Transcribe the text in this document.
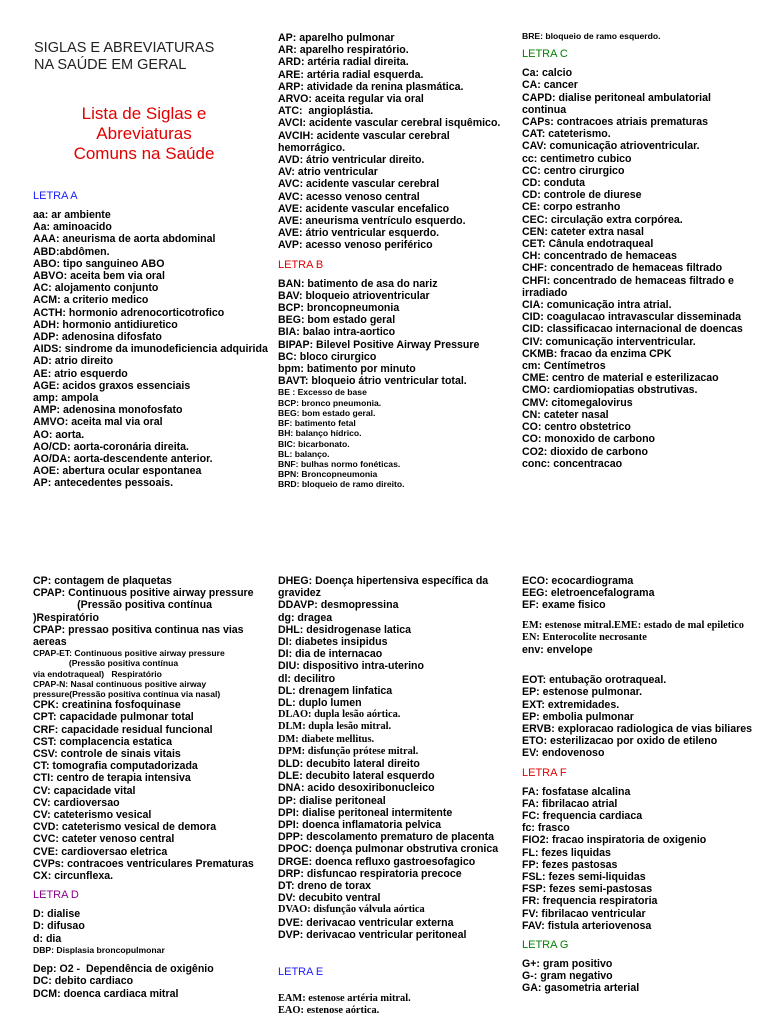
SIGLAS E ABREVIATURAS
NA SAÚDE EM GERAL
Lista de Siglas e
Abreviaturas
Comuns na Saúde
LETRA A
aa: ar ambiente
Aa: aminoacido
AAA: aneurisma de aorta abdominal
ABD:abdômen.
ABO: tipo sanguineo ABO
ABVO: aceita bem via oral
AC: alojamento conjunto
ACM: a criterio medico
ACTH: hormonio adrenocorticotrofico
ADH: hormonio antidiuretico
ADP: adenosina difosfato
AIDS: sindrome da imunodeficiencia adquirida
AD: atrio direito
AE: atrio esquerdo
AGE: acidos graxos essenciais
amp: ampola
AMP: adenosina monofosfato
AMVO: aceita mal via oral
AO: aorta.
AO/CD: aorta-coronária direita.
AO/DA: aorta-descendente anterior.
AOE: abertura ocular espontanea
AP: antecedentes pessoais.
AP: aparelho pulmonar
AR: aparelho respiratório.
ARD: artéria radial direita.
ARE: artéria radial esquerda.
ARP: atividade da renina plasmática.
ARVO: aceita regular via oral
ATC:  angioplástia.
AVCI: acidente vascular cerebral isquêmico.
AVCIH: acidente vascular cerebral hemorrágico.
AVD: átrio ventricular direito.
AV: atrio ventricular
AVC: acidente vascular cerebral
AVC: acesso venoso central
AVE: acidente vascular encefalico
AVE: aneurisma ventrículo esquerdo.
AVE: átrio ventricular esquerdo.
AVP: acesso venoso periférico
LETRA B
BAN: batimento de asa do nariz
BAV: bloqueio atrioventricular
BCP: broncopneumonia
BEG: bom estado geral
BIA: balao intra-aortico
BIPAP: Bilevel Positive Airway Pressure
BC: bloco cirurgico
bpm: batimento por minuto
BAVT: bloqueio átrio ventricular total.
BE : Excesso de base
BCP: bronco pneumonia.
BEG: bom estado geral.
BF: batimento fetal
BH: balanço hídrico.
BIC: bicarbonato.
BL: balanço.
BNF: bulhas normo fonéticas.
BPN: Broncopneumonia
BRD: bloqueio de ramo direito.
BRE: bloqueio de ramo esquerdo.
LETRA C
Ca: calcio
CA: cancer
CAPD: dialise peritoneal ambulatorial continua
CAPs: contracoes atriais prematuras
CAT: cateterismo.
CAV: comunicação atrioventricular.
cc: centimetro cubico
CC: centro cirurgico
CD: conduta
CD: controle de diurese
CE: corpo estranho
CEC: circulação extra corpórea.
CEN: cateter extra nasal
CET: Cânula endotraqueal
CH: concentrado de hemaceas
CHF: concentrado de hemaceas filtrado
CHFI: concentrado de hemaceas filtrado e irradiado
CIA: comunicação intra atrial.
CID: coagulacao intravascular disseminada
CID: classificacao internacional de doencas
CIV: comunicação interventricular.
CKMB: fracao da enzima CPK
cm: Centímetros
CME: centro de material e esterilizacao
CMO: cardiomiopatias obstrutivas.
CMV: citomegalovirus
CN: cateter nasal
CO: centro obstetrico
CO: monoxido de carbono
CO2: dioxido de carbono
conc: concentracao
CP: contagem de plaquetas
CPAP: Continuous positive airway pressure
(Pressão positiva contínua
)Respiratório
CPAP: pressao positiva continua nas vias aereas
CPAP-ET: Continuous positive airway pressure
(Pressão positiva contínua
via endotraqueal)   Respiratório
CPAP-N: Nasal continuous positive airway
pressure(Pressão positiva contínua via nasal)
CPK: creatinina fosfoquinase
CPT: capacidade pulmonar total
CRF: capacidade residual funcional
CST: complacencia estatica
CSV: controle de sinais vitais
CT: tomografia computadorizada
CTI: centro de terapia intensiva
CV: capacidade vital
CV: cardioversao
CV: cateterismo vesical
CVD: cateterismo vesical de demora
CVC: cateter venoso central
CVE: cardioversao eletrica
CVPs: contracoes ventriculares Prematuras
CX: circunflexa.
LETRA D
D: dialise
D: difusao
d: dia
DBP: Displasia broncopulmonar
Dep: O2 -  Dependência de oxigênio
DC: debito cardiaco
DCM: doenca cardiaca mitral
DHEG: Doença hipertensiva específica da gravidez
DDAVP: desmopressina
dg: dragea
DHL: desidrogenase latica
DI: diabetes insipidus
DI: dia de internacao
DIU: dispositivo intra-uterino
dl: decilitro
DL: drenagem linfatica
DL: duplo lumen
DLAO: dupla lesão aórtica.
DLM: dupla lesão mitral.
DM: diabete mellitus.
DPM: disfunção prótese mitral.
DLD: decubito lateral direito
DLE: decubito lateral esquerdo
DNA: acido desoxiribonucleico
DP: dialise peritoneal
DPI: dialise peritoneal intermitente
DPI: doenca inflamatoria pelvica
DPP: descolamento prematuro de placenta
DPOC: doença pulmonar obstrutiva cronica
DRGE: doenca refluxo gastroesofagico
DRP: disfuncao respiratoria precoce
DT: dreno de torax
DV: decubito ventral
DVAO: disfunção válvula aórtica
DVE: derivacao ventricular externa
DVP: derivacao ventricular peritoneal
LETRA E
EAM: estenose artéria mitral.
EAO: estenose aórtica.
ECO: ecocardiograma
EEG: eletroencefalograma
EF: exame fisico
EM: estenose mitral.EME: estado de mal epiletico
EN: Enterocolite necrosante
env: envelope
EOT: entubação orotraqueal.
EP: estenose pulmonar.
EXT: extremidades.
EP: embolia pulmonar
ERVB: exploracao radiologica de vias biliares
ETO: esterilizacao por oxido de etileno
EV: endovenoso
LETRA F
FA: fosfatase alcalina
FA: fibrilacao atrial
FC: frequencia cardiaca
fc: frasco
FIO2: fracao inspiratoria de oxigenio
FL: fezes liquidas
FP: fezes pastosas
FSL: fezes semi-liquidas
FSP: fezes semi-pastosas
FR: frequencia respiratoria
FV: fibrilacao ventricular
FAV: fistula arteriovenosa
LETRA G
G+: gram positivo
G-: gram negativo
GA: gasometria arterial
